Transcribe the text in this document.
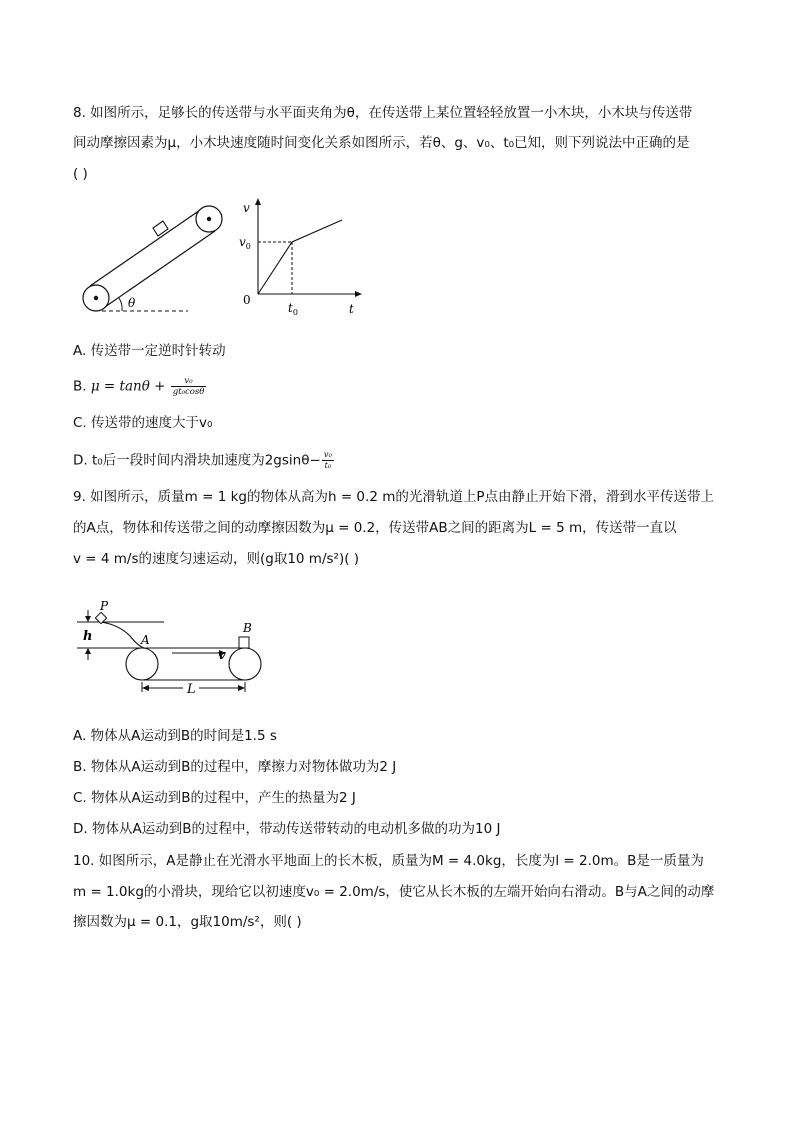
8. 如图所示，足够长的传送带与水平面夹角为θ，在传送带上某位置轻轻放置一小木块，小木块与传送带
间动摩擦因素为μ，小木块速度随时间变化关系如图所示，若θ、g、v₀、t₀已知，则下列说法中正确的是
( )
θ
v
$v_0$
0
$t_0$	t
A. 传送带一定逆时针转动
B. $\mu = \tan\theta + \frac{\text{v₀}}{\text{gt₀cosθ}}$
C. 传送带的速度大于v₀
D. t₀后一段时间内滑块加速度为$2gsin\theta- \frac{\text{v₀}}{\text{t₀}}$
9. 如图所示，质量m = 1 kg的物体从高为h = 0.2 m的光滑轨道上P点由静止开始下滑，滑到水平传送带上
的A点，物体和传送带之间的动摩擦因数为μ = 0.2，传送带AB之间的距离为L = 5 m，传送带一直以
v = 4 m/s的速度匀速运动，则(g取10 m/s²)( )
h
P
A
B
v
L
A. 物体从A运动到B的时间是1.5 s
B. 物体从A运动到B的过程中，摩擦力对物体做功为2 J
C. 物体从A运动到B的过程中，产生的热量为2 J
D. 物体从A运动到B的过程中，带动传送带转动的电动机多做的功为10 J
10. 如图所示，A是静止在光滑水平地面上的长木板，质量为M = 4.0kg，长度为l = 2.0m。B是一质量为
m = 1.0kg的小滑块，现给它以初速度v₀ = 2.0m/s，使它从长木板的左端开始向右滑动。B与A之间的动摩
擦因数为μ = 0.1，g取10m/s²，则( )
